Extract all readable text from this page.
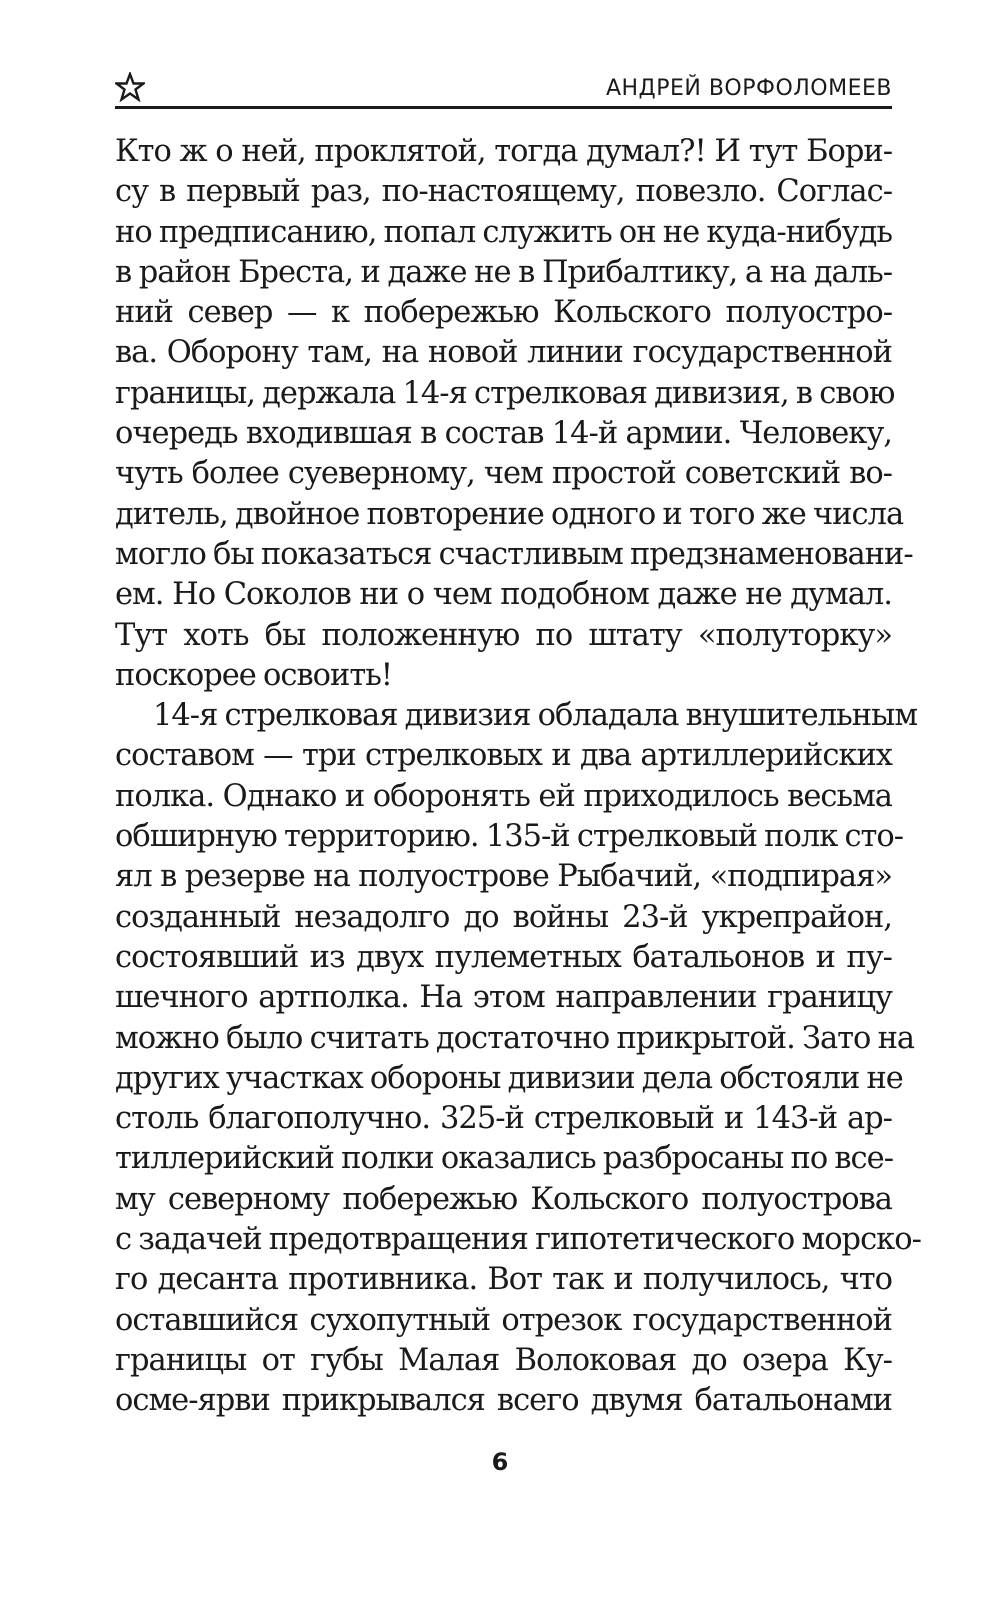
АНДРЕЙ ВОРФОЛОМЕЕВ
Кто ж о ней, проклятой, тогда думал?! И тут Бори-
су в первый раз, по-настоящему, повезло. Соглас-
но предписанию, попал служить он не куда-нибудь
в район Бреста, и даже не в Прибалтику, а на даль-
ний север — к побережью Кольского полуостро-
ва. Оборону там, на новой линии государственной
границы, держала 14-я стрелковая дивизия, в свою
очередь входившая в состав 14-й армии. Человеку,
чуть более суеверному, чем простой советский во-
дитель, двойное повторение одного и того же числа
могло бы показаться счастливым предзнаменовани-
ем. Но Соколов ни о чем подобном даже не думал.
Тут хоть бы положенную по штату «полуторку»
поскорее освоить!
14-я стрелковая дивизия обладала внушительным
составом — три стрелковых и два артиллерийских
полка. Однако и оборонять ей приходилось весьма
обширную территорию. 135-й стрелковый полк сто-
ял в резерве на полуострове Рыбачий, «подпирая»
созданный незадолго до войны 23-й укрепрайон,
состоявший из двух пулеметных батальонов и пу-
шечного артполка. На этом направлении границу
можно было считать достаточно прикрытой. Зато на
других участках обороны дивизии дела обстояли не
столь благополучно. 325-й стрелковый и 143-й ар-
тиллерийский полки оказались разбросаны по все-
му северному побережью Кольского полуострова
с задачей предотвращения гипотетического морско-
го десанта противника. Вот так и получилось, что
оставшийся сухопутный отрезок государственной
границы от губы Малая Волоковая до озера Ку-
осме-ярви прикрывался всего двумя батальонами
6
